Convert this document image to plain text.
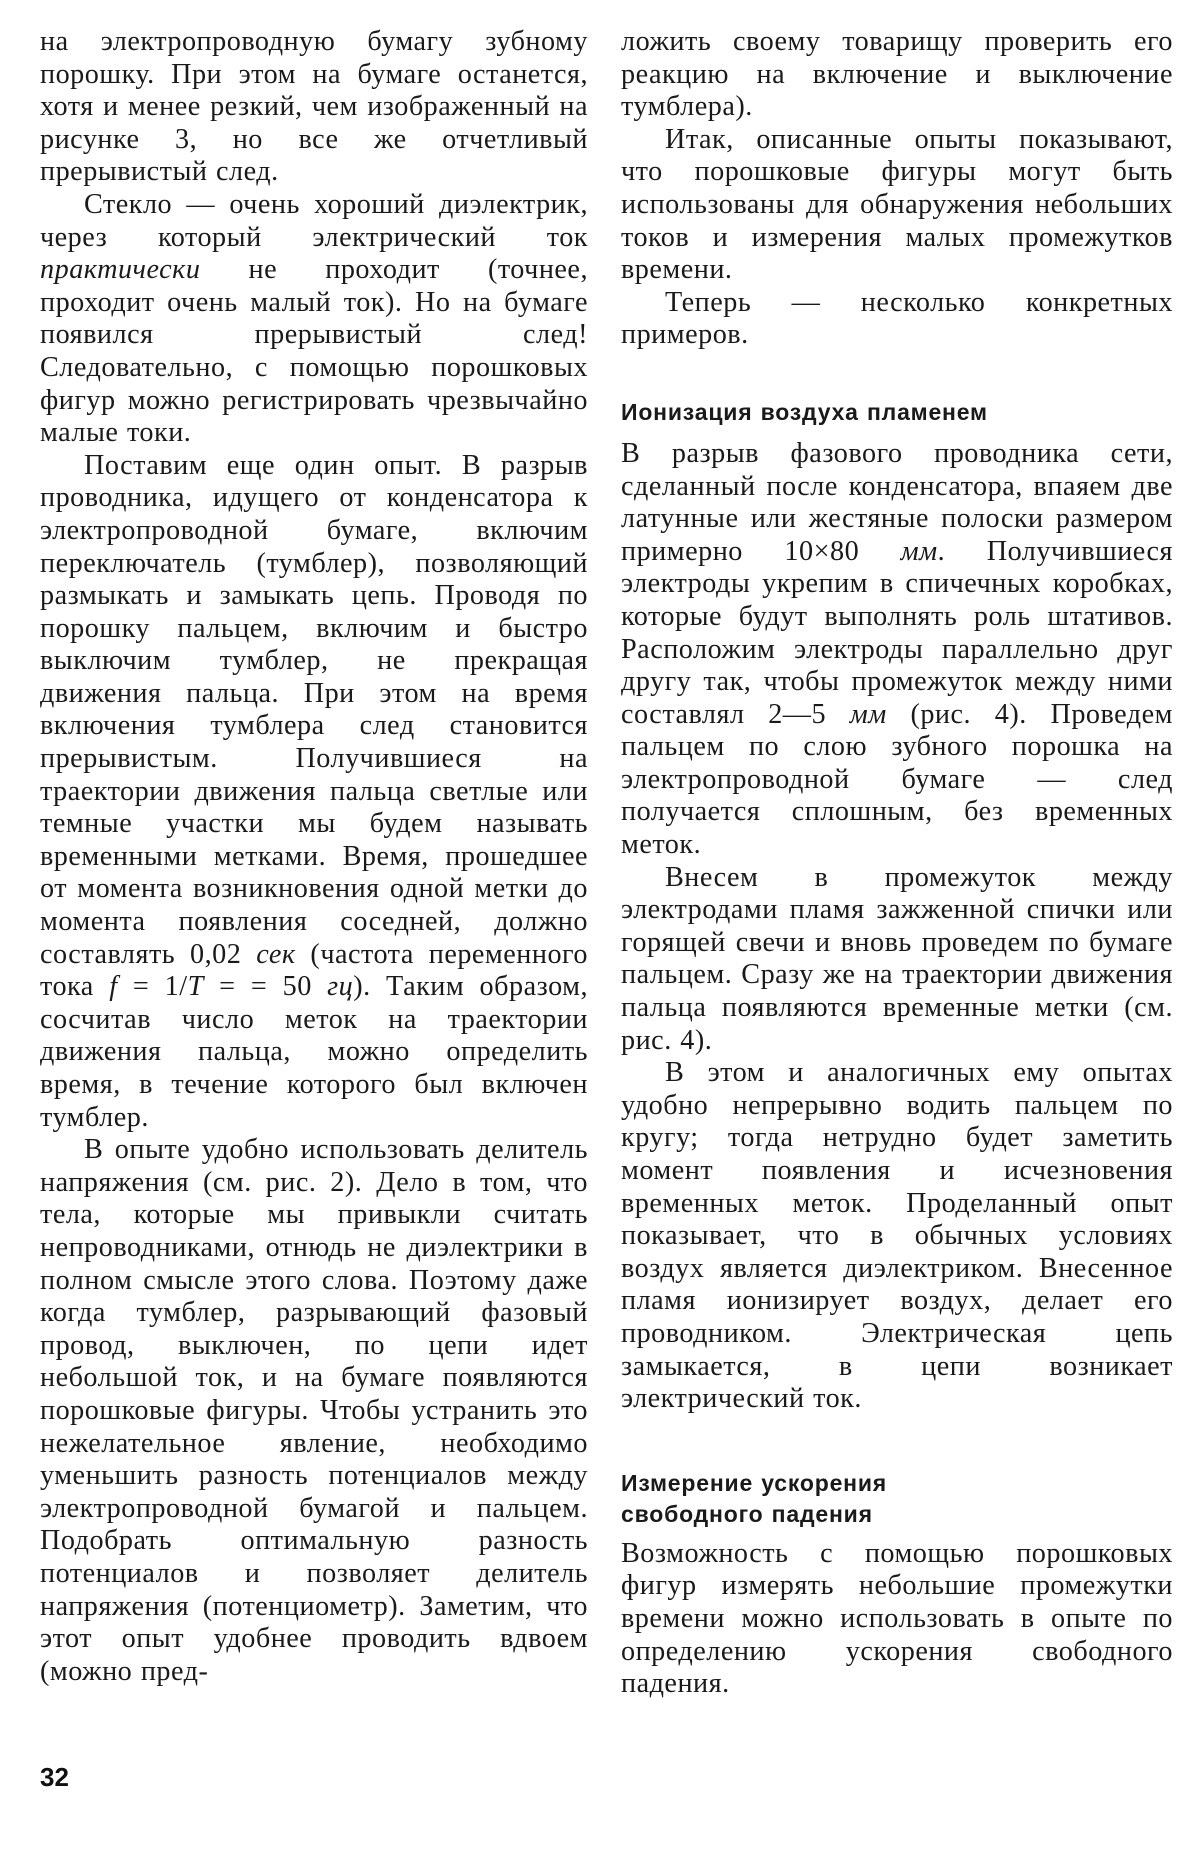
на электропроводную бумагу зубному порошку. При этом на бумаге останется, хотя и менее резкий, чем изображенный на рисунке 3, но все же отчетливый прерывистый след.

Стекло — очень хороший диэлектрик, через который электрический ток практически не проходит (точнее, проходит очень малый ток). Но на бумаге появился прерывистый след! Следовательно, с помощью порошковых фигур можно регистрировать чрезвычайно малые токи.

Поставим еще один опыт. В разрыв проводника, идущего от конденсатора к электропроводной бумаге, включим переключатель (тумблер), позволяющий размыкать и замыкать цепь. Проводя по порошку пальцем, включим и быстро выключим тумблер, не прекращая движения пальца. При этом на время включения тумблера след становится прерывистым. Получившиеся на траектории движения пальца светлые или темные участки мы будем называть временными метками. Время, прошедшее от момента возникновения одной метки до момента появления соседней, должно составлять 0,02 сек (частота переменного тока f = 1/T = = 50 гц). Таким образом, сосчитав число меток на траектории движения пальца, можно определить время, в течение которого был включен тумблер.

В опыте удобно использовать делитель напряжения (см. рис. 2). Дело в том, что тела, которые мы привыкли считать непроводниками, отнюдь не диэлектрики в полном смысле этого слова. Поэтому даже когда тумблер, разрывающий фазовый провод, выключен, по цепи идет небольшой ток, и на бумаге появляются порошковые фигуры. Чтобы устранить это нежелательное явление, необходимо уменьшить разность потенциалов между электропроводной бумагой и пальцем. Подобрать оптимальную разность потенциалов и позволяет делитель напряжения (потенциометр). Заметим, что этот опыт удобнее проводить вдвоем (можно пред-

ложить своему товарищу проверить его реакцию на включение и выключение тумблера).

Итак, описанные опыты показывают, что порошковые фигуры могут быть использованы для обнаружения небольших токов и измерения малых промежутков времени.

Теперь — несколько конкретных примеров.

Ионизация воздуха пламенем

В разрыв фазового проводника сети, сделанный после конденсатора, впаяем две латунные или жестяные полоски размером примерно 10×80 мм. Получившиеся электроды укрепим в спичечных коробках, которые будут выполнять роль штативов. Расположим электроды параллельно друг другу так, чтобы промежуток между ними составлял 2—5 мм (рис. 4). Проведем пальцем по слою зубного порошка на электропроводной бумаге — след получается сплошным, без временных меток.

Внесем в промежуток между электродами пламя зажженной спички или горящей свечи и вновь проведем по бумаге пальцем. Сразу же на траектории движения пальца появляются временные метки (см. рис. 4).

В этом и аналогичных ему опытах удобно непрерывно водить пальцем по кругу; тогда нетрудно будет заметить момент появления и исчезновения временных меток. Проделанный опыт показывает, что в обычных условиях воздух является диэлектриком. Внесенное пламя ионизирует воздух, делает его проводником. Электрическая цепь замыкается, в цепи возникает электрический ток.

Измерение ускорения
свободного падения

Возможность с помощью порошковых фигур измерять небольшие промежутки времени можно использовать в опыте по определению ускорения свободного падения.

32
